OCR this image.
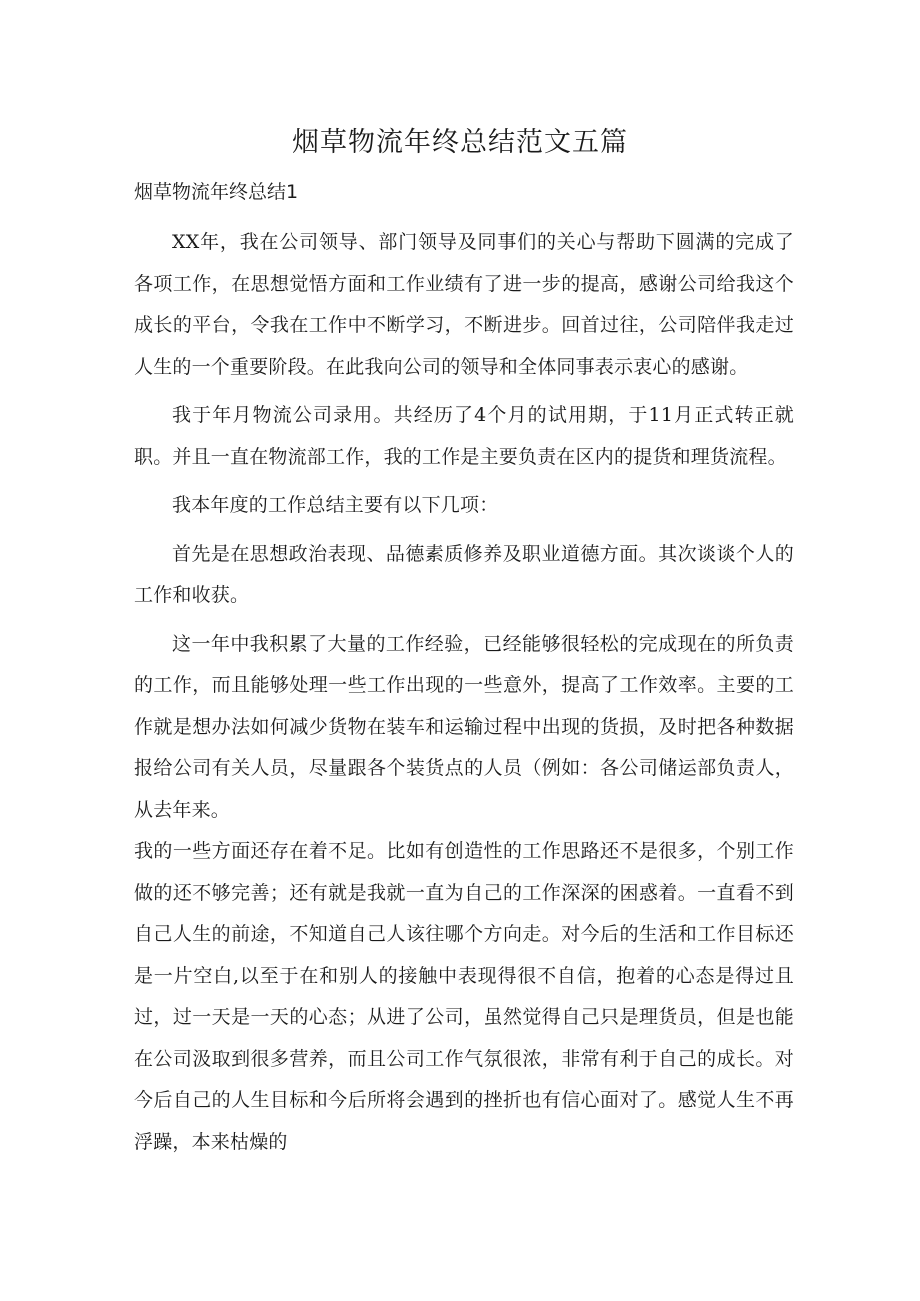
烟草物流年终总结范文五篇
烟草物流年终总结1

XX年，我在公司领导、部门领导及同事们的关心与帮助下圆满的完成了各项工作，在思想觉悟方面和工作业绩有了进一步的提高，感谢公司给我这个成长的平台，令我在工作中不断学习，不断进步。回首过往，公司陪伴我走过人生的一个重要阶段。在此我向公司的领导和全体同事表示衷心的感谢。

我于年月物流公司录用。共经历了4个月的试用期，于11月正式转正就职。并且一直在物流部工作，我的工作是主要负责在区内的提货和理货流程。

我本年度的工作总结主要有以下几项：

首先是在思想政治表现、品德素质修养及职业道德方面。其次谈谈个人的工作和收获。

这一年中我积累了大量的工作经验，已经能够很轻松的完成现在的所负责的工作，而且能够处理一些工作出现的一些意外，提高了工作效率。主要的工作就是想办法如何减少货物在装车和运输过程中出现的货损，及时把各种数据报给公司有关人员，尽量跟各个装货点的人员（例如：各公司储运部负责人，从去年来。

我的一些方面还存在着不足。比如有创造性的工作思路还不是很多，个别工作做的还不够完善；还有就是我就一直为自己的工作深深的困惑着。一直看不到自己人生的前途，不知道自己人该往哪个方向走。对今后的生活和工作目标还是一片空白,以至于在和别人的接触中表现得很不自信，抱着的心态是得过且过，过一天是一天的心态；从进了公司，虽然觉得自己只是理货员，但是也能在公司汲取到很多营养，而且公司工作气氛很浓，非常有利于自己的成长。对今后自己的人生目标和今后所将会遇到的挫折也有信心面对了。感觉人生不再浮躁，本来枯燥的
